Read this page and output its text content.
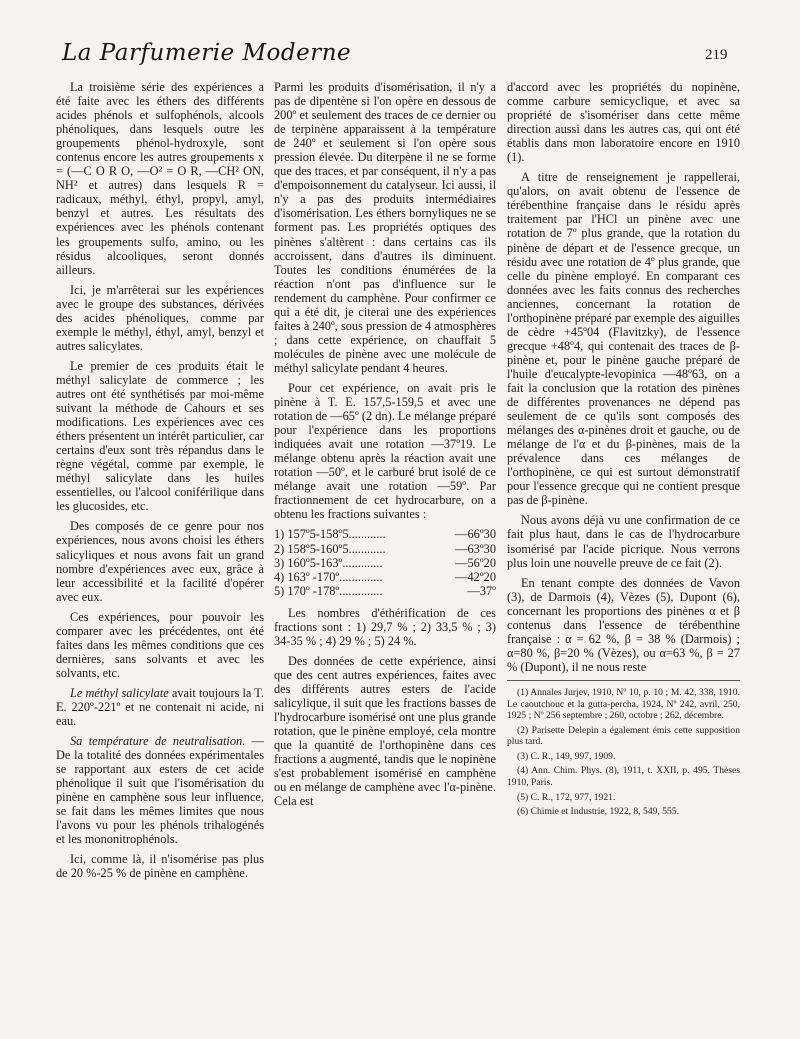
La Parfumerie Moderne	219

La troisième série des expériences a été faite avec les éthers des différents acides phénols et sulfophénols, alcools phénoliques, dans lesquels outre les groupements phénol-hydroxyle, sont contenus encore les autres groupements x = (—C O R O, —O² = O R, —CH² ON, NH² et autres) dans lesquels R = radicaux, méthyl, éthyl, propyl, amyl, benzyl et autres. Les résultats des expériences avec les phénols contenant les groupements sulfo, amino, ou les résidus alcooliques, seront donnés ailleurs.

Ici, je m'arrêterai sur les expériences avec le groupe des substances, dérivées des acides phénoliques, comme par exemple le méthyl, éthyl, amyl, benzyl et autres salicylates.

Le premier de ces produits était le méthyl salicylate de commerce ; les autres ont été synthétisés par moi-même suivant la méthode de Cahours et ses modifications. Les expériences avec ces éthers présentent un intérêt particulier, car certains d'eux sont très répandus dans le règne végétal, comme par exemple, le méthyl salicylate dans les huiles essentielles, ou l'alcool coniférilique dans les glucosides, etc.

Des composés de ce genre pour nos expériences, nous avons choisi les éthers salicyliques et nous avons fait un grand nombre d'expériences avec eux, grâce à leur accessibilité et la facilité d'opérer avec eux.

Ces expériences, pour pouvoir les comparer avec les précédentes, ont été faites dans les mêmes conditions que ces dernières, sans solvants et avec les solvants, etc.

Le méthyl salicylate avait toujours la T. E. 220º-221º et ne contenait ni acide, ni eau.

Sa température de neutralisation. — De la totalité des données expérimentales se rapportant aux esters de cet acide phénolique il suit que l'isomérisation du pinène en camphène sous leur influence, se fait dans les mêmes limites que nous l'avons vu pour les phénols trihalogénés et les mononitrophénols.

Ici, comme là, il n'isomérise pas plus de 20 %-25 % de pinène en camphène.

Parmi les produits d'isomérisation, il n'y a pas de dipentène si l'on opère en dessous de 200º et seulement des traces de ce dernier ou de terpinène apparaissent à la température de 240º et seulement si l'on opère sous pression élevée. Du diterpène il ne se forme que des traces, et par conséquent, il n'y a pas d'empoisonnement du catalyseur. Ici aussi, il n'y a pas des produits intermédiaires d'isomérisation. Les éthers bornyliques ne se forment pas. Les propriétés optiques des pinènes s'altèrent : dans certains cas ils accroissent, dans d'autres ils diminuent. Toutes les conditions énumérées de la réaction n'ont pas d'influence sur le rendement du camphène. Pour confirmer ce qui a été dit, je citerai une des expériences faites à 240º, sous pression de 4 atmosphères ; dans cette expérience, on chauffait 5 molécules de pinène avec une molécule de méthyl salicylate pendant 4 heures.

Pour cet expérience, on avait pris le pinène à T. E. 157,5-159,5 et avec une rotation de —65º (2 dn). Le mélange préparé pour l'expérience dans les proportions indiquées avait une rotation —37º19. Le mélange obtenu après la réaction avait une rotation —50º, et le carburé brut isolé de ce mélange avait une rotation —59º. Par fractionnement de cet hydrocarbure, on a obtenu les fractions suivantes :

1) 157º5-158º5............	—66º30
2) 158º5-160º5............	—63º30
3) 160º5-163º.............	—56º20
4) 163º -170º..............	—42º20
5) 170º -178º..............	—37º

Les nombres d'éthérification de ces fractions sont : 1) 29,7 % ; 2) 33,5 % ; 3) 34-35 % ; 4) 29 % ; 5) 24 %.

Des données de cette expérience, ainsi que des cent autres expériences, faites avec des différents autres esters de l'acide salicylique, il suit que les fractions basses de l'hydrocarbure isomérisé ont une plus grande rotation, que le pinène employé, cela montre que la quantité de l'orthopinène dans ces fractions a augmenté, tandis que le nopinène s'est probablement isomérisé en camphène ou en mélange de camphène avec l'α-pinène. Cela est

d'accord avec les propriétés du nopinène, comme carbure semicyclique, et avec sa propriété de s'isomériser dans cette même direction aussi dans les autres cas, qui ont été établis dans mon laboratoire encore en 1910 (1).

A titre de renseignement je rappellerai, qu'alors, on avait obtenu de l'essence de térébenthine française dans le résidu après traitement par l'HCl un pinène avec une rotation de 7º plus grande, que la rotation du pinène de départ et de l'essence grecque, un résidu avec une rotation de 4º plus grande, que celle du pinène employé. En comparant ces données avec les faits connus des recherches anciennes, concernant la rotation de l'orthopinène préparé par exemple des aiguilles de cèdre +45º04 (Flavitzky), de l'essence grecque +48º4, qui contenait des traces de β-pinène et, pour le pinène gauche préparé de l'huile d'eucalypte-levopinica —48º63, on a fait la conclusion que la rotation des pinènes de différentes provenances ne dépend pas seulement de ce qu'ils sont composés des mélanges des α-pinènes droit et gauche, ou de mélange de l'α et du β-pinènes, mais de la prévalence dans ces mélanges de l'orthopinène, ce qui est surtout démonstratif pour l'essence grecque qui ne contient presque pas de β-pinène.

Nous avons déjà vu une confirmation de ce fait plus haut, dans le cas de l'hydrocarbure isomérisé par l'acide picrique. Nous verrons plus loin une nouvelle preuve de ce fait (2).

En tenant compte des données de Vavon (3), de Darmois (4), Vèzes (5), Dupont (6), concernant les proportions des pinènes α et β contenus dans l'essence de térébenthine française : α = 62 %, β = 38 % (Darmois) ; α=80 %, β=20 % (Vèzes), ou α=63 %, β = 27 % (Dupont), il ne nous reste

(1) Annales Jurjev, 1910, Nº 10, p. 10 ; M. 42, 338, 1910. Le caoutchouc et la gutta-percha, 1924, Nº 242, avril, 250, 1925 ; Nº 256 septembre ; 260, octobre ; 262, décembre.
(2) Parisette Delepin a également émis cette supposition plus tard.
(3) C. R., 149, 997, 1909.
(4) Ann. Chim. Phys. (8), 1911, t. XXII, p. 495. Thèses 1910, Paris.
(5) C. R., 172, 977, 1921.
(6) Chimie et Industrie, 1922, 8, 549, 555.
